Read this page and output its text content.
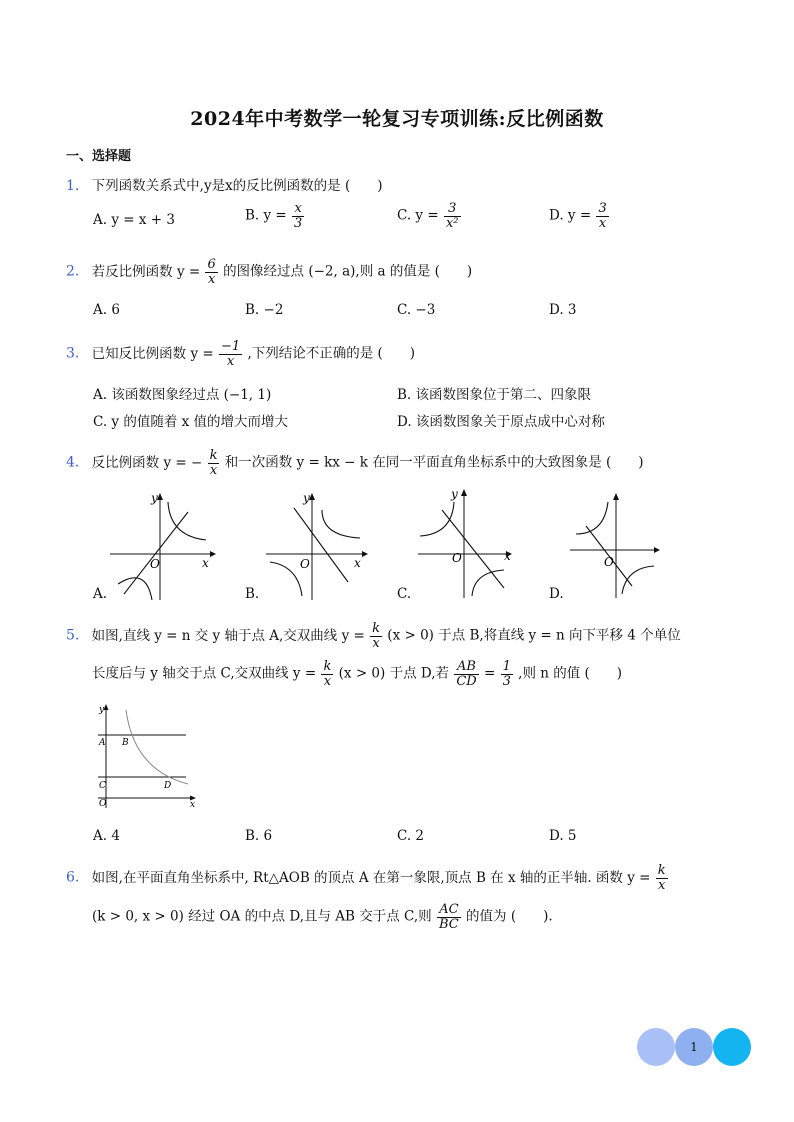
2024年中考数学一轮复习专项训练:反比例函数
一、选择题
1. 下列函数关系式中,y是x的反比例函数的是 (　　)
A. y = x + 3	B. $y = \frac{x}{3}$	C. $y = \frac{3}{\text{x²}}$	D. $y = \frac{3}{x}$
2. 若反比例函数 $y = \frac{6}{x}$ 的图像经过点 (−2, a),则 a 的值是 (　　)
A. 6	B. −2	C. −3	D. 3
3. 已知反比例函数 $y = \frac{-1}{x}$ ,下列结论不正确的是 (　　)
A. 该函数图象经过点 (−1, 1)	B. 该函数图象位于第二、四象限
C. y 的值随着 x 值的增大而增大	D. 该函数图象关于原点成中心对称
4. 反比例函数 y = − $\frac{k}{x}$ 和一次函数 y = kx − k 在同一平面直角坐标系中的大致图象是 (　　)
y
x
O
A.
y
x
O
B.
y
x
O
C.
O
D.
5. 如图,直线 y = n 交 y 轴于点 A,交双曲线 $y = \frac{k}{x} (x > 0)$ 于点 B,将直线 y = n 向下平移 4 个单位
长度后与 y 轴交于点 C,交双曲线 $y = \frac{k}{x} (x > 0)$ 于点 D,若 $\frac{AB}{CD} = \frac{1}{3}$ ,则 n 的值 (　　)
y
A B
C	D
O	x
A. 4	B. 6	C. 2	D. 5
6. 如图,在平面直角坐标系中, Rt△AOB 的顶点 A 在第一象限,顶点 B 在 x 轴的正半轴. 函数 $y = \frac{k}{x}$
(k > 0, x > 0) 经过 OA 的中点 D,且与 AB 交于点 C,则 $\frac{AC}{BC}$ 的值为 (　　).
1
